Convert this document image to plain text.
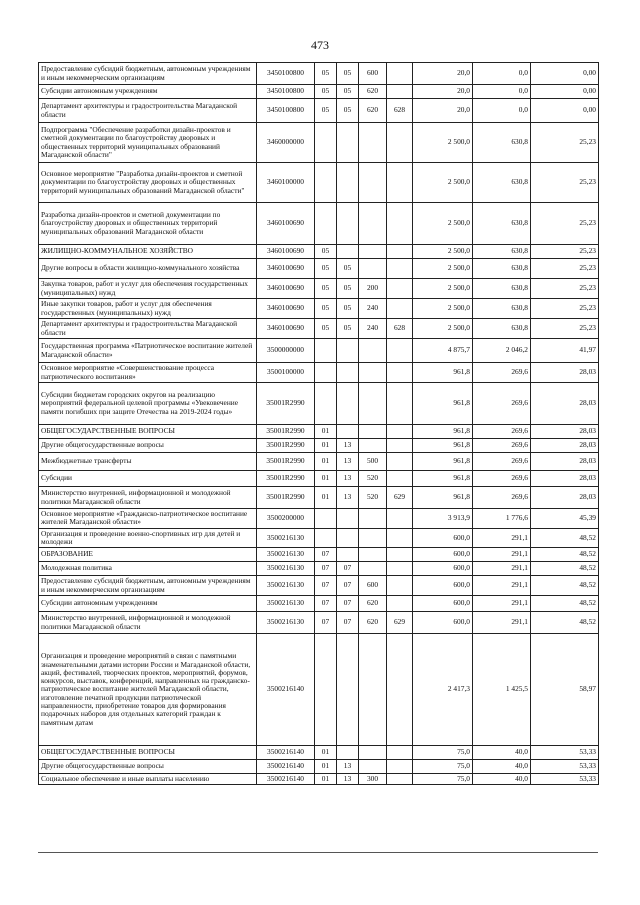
473
Предоставление субсидий бюджетным, автономным учреждениям и иным некоммерческим организациям	3450100800	05	05	600		20,0	0,0	0,00
Субсидии автономным учреждениям	3450100800	05	05	620		20,0	0,0	0,00
Департамент архитектуры и градостроительства Магаданской области	3450100800	05	05	620	628	20,0	0,0	0,00
Подпрограмма "Обеспечение разработки дизайн-проектов и сметной документации по благоустройству дворовых и общественных территорий муниципальных образований Магаданской области"	3460000000					2 500,0	630,8	25,23
Основное мероприятие "Разработка дизайн-проектов и сметной документации по благоустройству дворовых и общественных территорий муниципальных образований Магаданской области"	3460100000					2 500,0	630,8	25,23
Разработка дизайн-проектов и сметной документации по благоустройству дворовых и общественных территорий муниципальных образований Магаданской области	3460100690					2 500,0	630,8	25,23
ЖИЛИЩНО-КОММУНАЛЬНОЕ ХОЗЯЙСТВО	3460100690	05				2 500,0	630,8	25,23
Другие вопросы в области жилищно-коммунального хозяйства	3460100690	05	05			2 500,0	630,8	25,23
Закупка товаров, работ и услуг для обеспечения государственных (муниципальных) нужд	3460100690	05	05	200		2 500,0	630,8	25,23
Иные закупки товаров, работ и услуг для обеспечения государственных (муниципальных) нужд	3460100690	05	05	240		2 500,0	630,8	25,23
Департамент архитектуры и градостроительства Магаданской области	3460100690	05	05	240	628	2 500,0	630,8	25,23
Государственная программа «Патриотическое воспитание жителей Магаданской области»	3500000000					4 875,7	2 046,2	41,97
Основное мероприятие «Совершенствование процесса патриотического воспитания»	3500100000					961,8	269,6	28,03
Субсидии бюджетам городских округов на реализацию мероприятий федеральной целевой программы «Увековечение памяти погибших при защите Отечества на 2019-2024 годы»	35001R2990					961,8	269,6	28,03
ОБЩЕГОСУДАРСТВЕННЫЕ ВОПРОСЫ	35001R2990	01				961,8	269,6	28,03
Другие общегосударственные вопросы	35001R2990	01	13			961,8	269,6	28,03
Межбюджетные трансферты	35001R2990	01	13	500		961,8	269,6	28,03
Субсидии	35001R2990	01	13	520		961,8	269,6	28,03
Министерство внутренней, информационной и молодежной политики Магаданской области	35001R2990	01	13	520	629	961,8	269,6	28,03
Основное мероприятие «Гражданско-патриотическое воспитание жителей Магаданской области»	3500200000					3 913,9	1 776,6	45,39
Организация и проведение военно-спортивных игр для детей и молодежи	3500216130					600,0	291,1	48,52
ОБРАЗОВАНИЕ	3500216130	07				600,0	291,1	48,52
Молодежная политика	3500216130	07	07			600,0	291,1	48,52
Предоставление субсидий бюджетным, автономным учреждениям и иным некоммерческим организациям	3500216130	07	07	600		600,0	291,1	48,52
Субсидии автономным учреждениям	3500216130	07	07	620		600,0	291,1	48,52
Министерство внутренней, информационной и молодежной политики Магаданской области	3500216130	07	07	620	629	600,0	291,1	48,52
Организация и проведение мероприятий в связи с памятными знаменательными датами истории России и Магаданской области, акций, фестивалей, творческих проектов, мероприятий, форумов, конкурсов, выставок, конференций, направленных на гражданско-патриотическое воспитание жителей Магаданской области, изготовление печатной продукции патриотической направленности, приобретение товаров для формирования подарочных наборов для отдельных категорий граждан к памятным датам	3500216140					2 417,3	1 425,5	58,97
ОБЩЕГОСУДАРСТВЕННЫЕ ВОПРОСЫ	3500216140	01				75,0	40,0	53,33
Другие общегосударственные вопросы	3500216140	01	13			75,0	40,0	53,33
Социальное обеспечение и иные выплаты населению	3500216140	01	13	300		75,0	40,0	53,33
